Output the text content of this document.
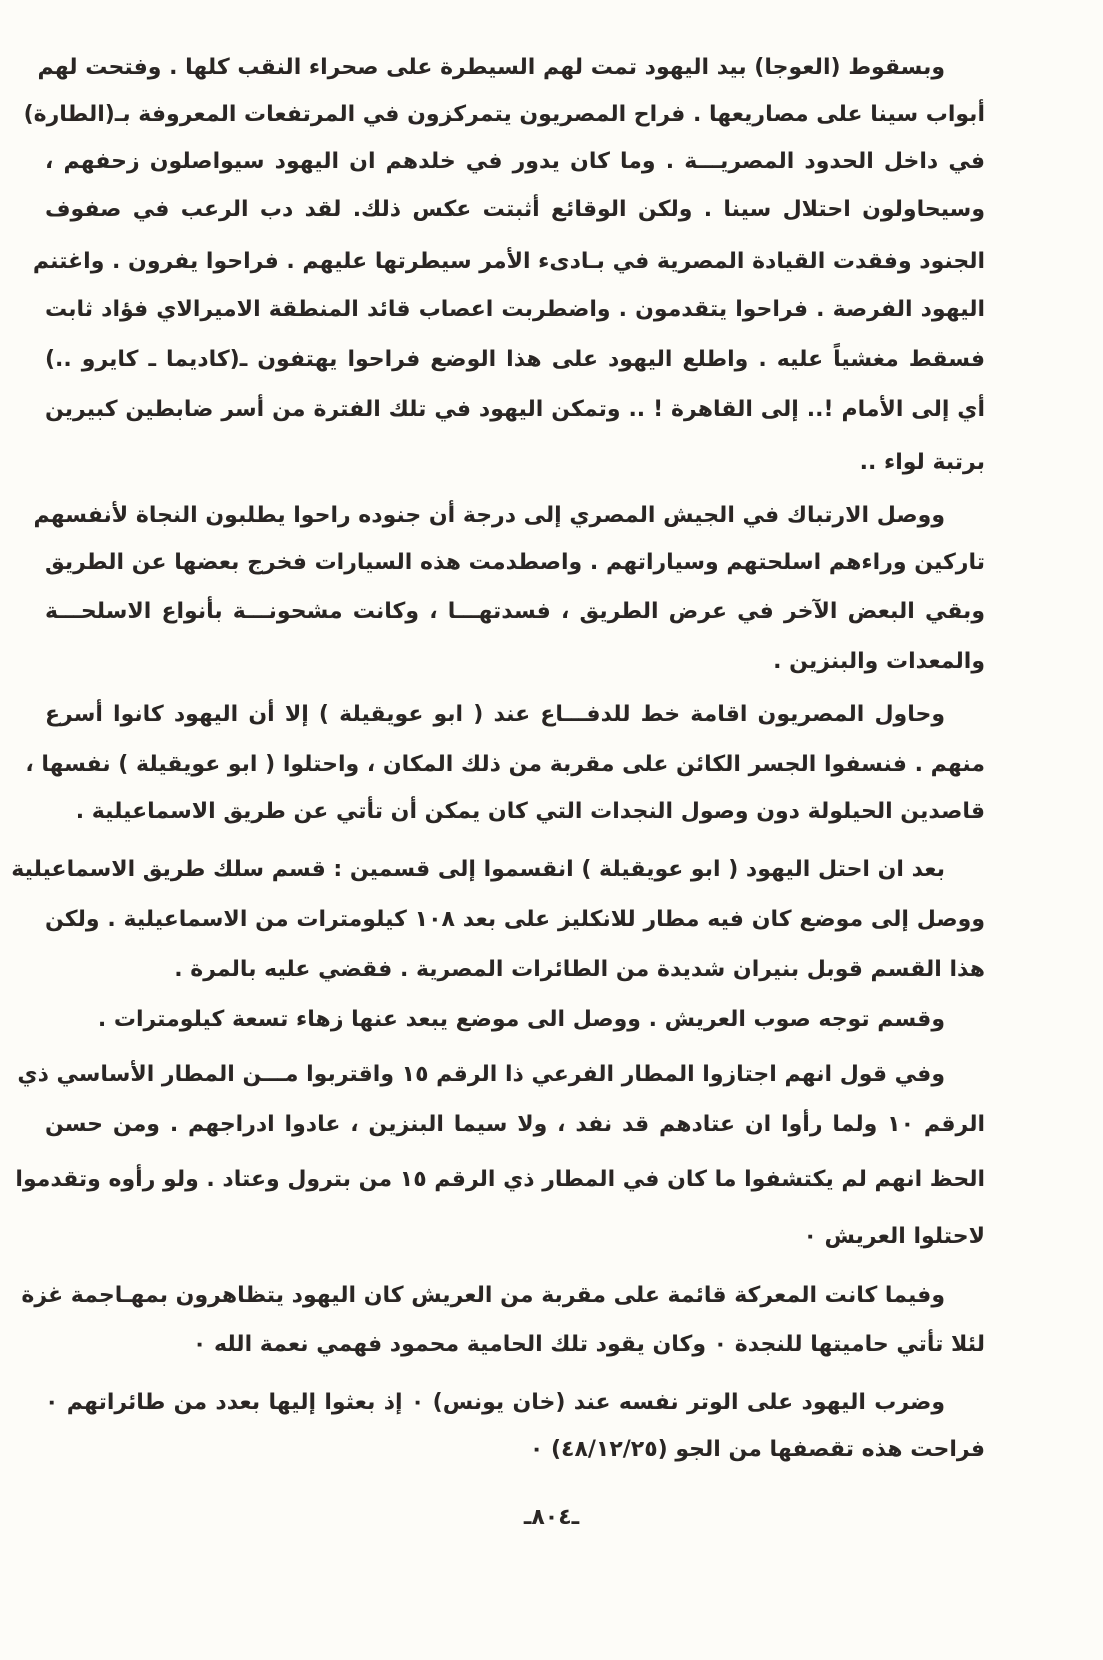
ـ٨٠٤ـ
وبسقوط (العوجا) بيد اليهود تمت لهم السيطرة على صحراء النقب كلها . وفتحت لهم
أبواب سينا على مصاريعها . فراح المصريون يتمركزون في المرتفعات المعروفة بـ(الطارة)
في داخل الحدود المصريـــة . وما كان يدور في خلدهم ان اليهود سيواصلون زحفهم ،
وسيحاولون احتلال سينا . ولكن الوقائع أثبتت عكس ذلك. لقد دب الرعب في صفوف
الجنود وفقدت القيادة المصرية في بـادىء الأمر سيطرتها عليهم . فراحوا يفرون . واغتنم
اليهود الفرصة . فراحوا يتقدمون . واضطربت اعصاب قائد المنطقة الاميرالاي فؤاد ثابت
فسقط مغشياً عليه . واطلع اليهود على هذا الوضع فراحوا يهتفون ـ(كاديما ـ كايرو ..)
أي إلى الأمام !.. إلى القاهرة ! .. وتمكن اليهود في تلك الفترة من أسر ضابطين كبيرين
برتبة لواء ..
ووصل الارتباك في الجيش المصري إلى درجة أن جنوده راحوا يطلبون النجاة لأنفسهم
تاركين وراءهم اسلحتهم وسياراتهم . واصطدمت هذه السيارات فخرج بعضها عن الطريق
وبقي البعض الآخر في عرض الطريق ، فسدتهـــا ، وكانت مشحونـــة بأنواع الاسلحـــة
والمعدات والبنزين .
وحاول المصريون اقامة خط للدفـــاع عند ( ابو عويقيلة ) إلا أن اليهود كانوا أسرع
منهم . فنسفوا الجسر الكائن على مقربة من ذلك المكان ، واحتلوا ( ابو عويقيلة ) نفسها ،
قاصدين الحيلولة دون وصول النجدات التي كان يمكن أن تأتي عن طريق الاسماعيلية .
بعد ان احتل اليهود ( ابو عويقيلة ) انقسموا إلى قسمين : قسم سلك طريق الاسماعيلية
ووصل إلى موضع كان فيه مطار للانكليز على بعد ١٠٨ كيلومترات من الاسماعيلية . ولكن
هذا القسم قوبل بنيران شديدة من الطائرات المصرية . فقضي عليه بالمرة .
وقسم توجه صوب العريش . ووصل الى موضع يبعد عنها زهاء تسعة كيلومترات .
وفي قول انهم اجتازوا المطار الفرعي ذا الرقم ١٥ واقتربوا مـــن المطار الأساسي ذي
الرقم ١٠ ولما رأوا ان عتادهم قد نفد ، ولا سيما البنزين ، عادوا ادراجهم . ومن حسن
الحظ انهم لم يكتشفوا ما كان في المطار ذي الرقم ١٥ من بترول وعتاد . ولو رأوه وتقدموا
لاحتلوا العريش ٠
وفيما كانت المعركة قائمة على مقربة من العريش كان اليهود يتظاهرون بمهـاجمة غزة
لئلا تأتي حاميتها للنجدة ٠ وكان يقود تلك الحامية محمود فهمي نعمة الله ٠
وضرب اليهود على الوتر نفسه عند (خان يونس) ٠ إذ بعثوا إليها بعدد من طائراتهم ٠
فراحت هذه تقصفها من الجو (٤٨/١٢/٢٥) ٠
